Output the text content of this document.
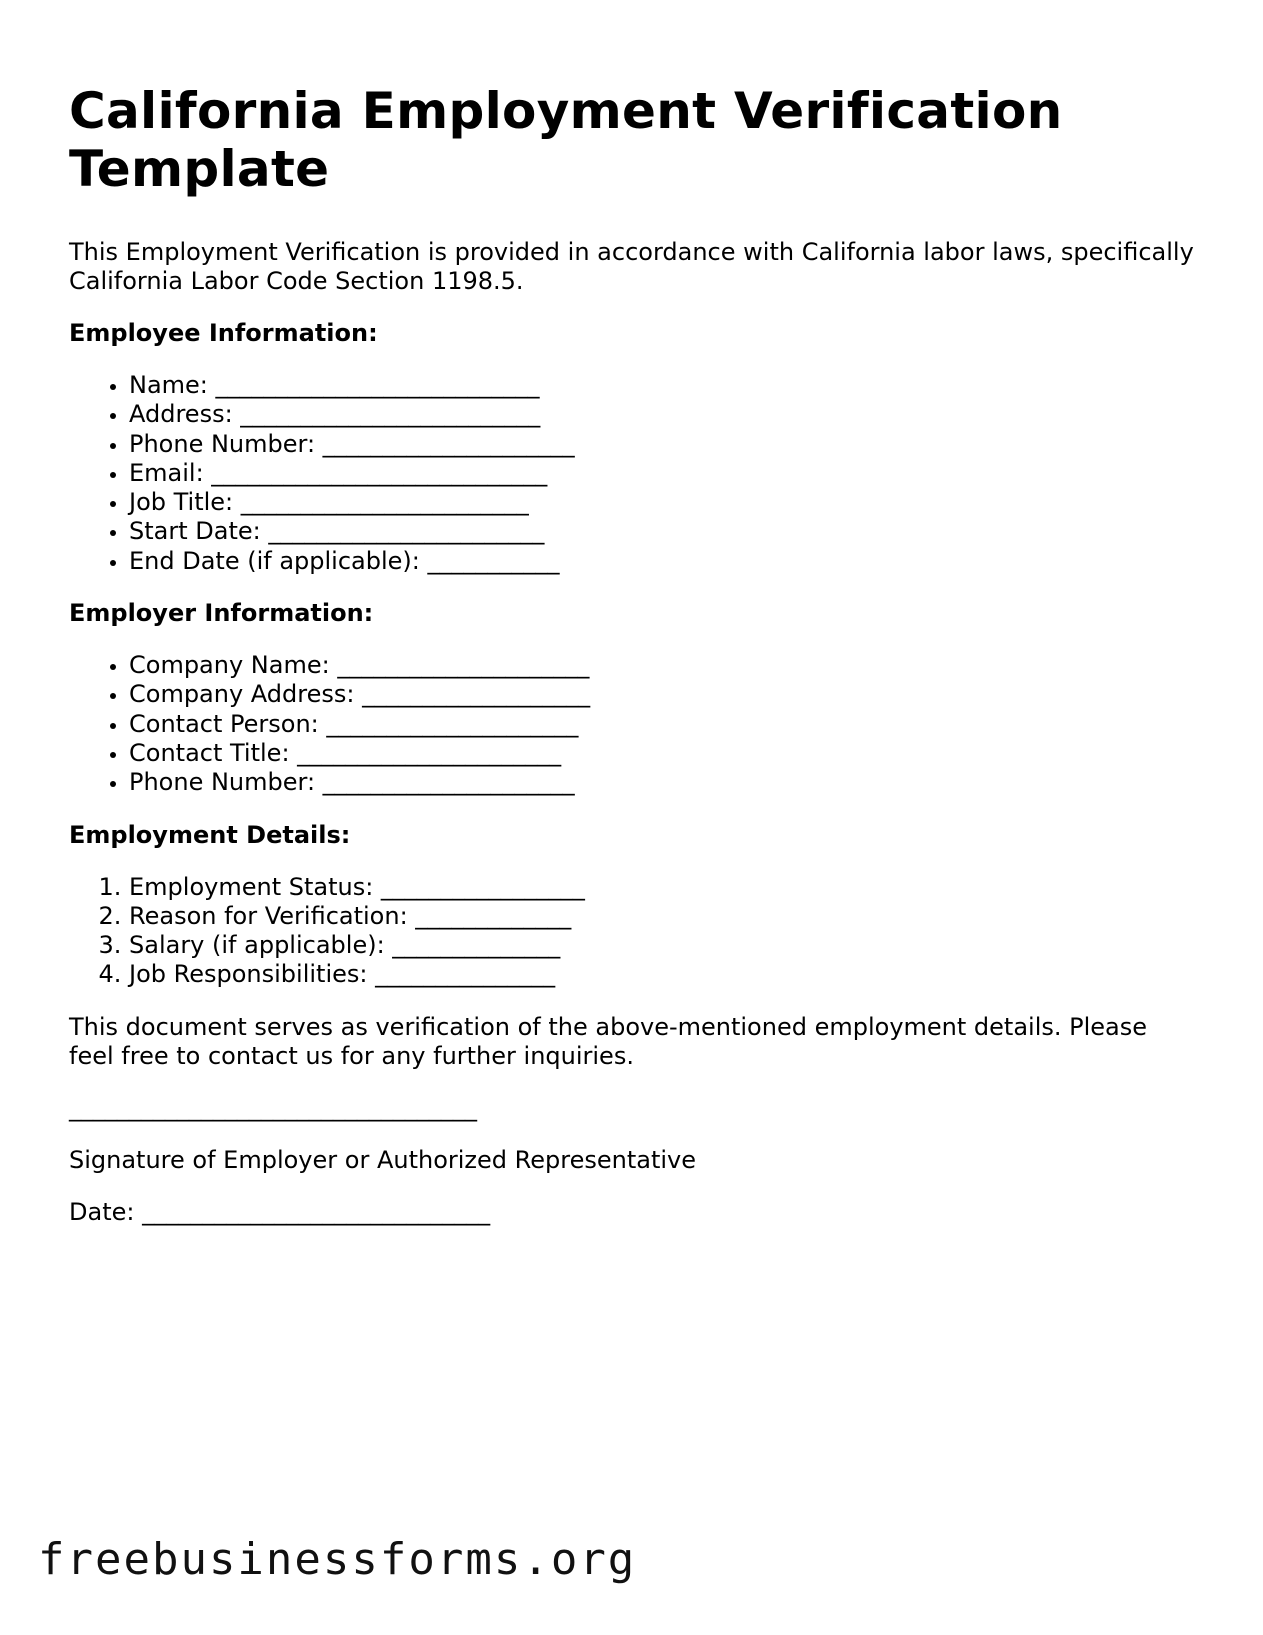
California Employment Verification Template

This Employment Verification is provided in accordance with California labor laws, specifically California Labor Code Section 1198.5.

Employee Information:
• Name: ___________________________
• Address: _________________________
• Phone Number: _____________________
• Email: ____________________________
• Job Title: ________________________
• Start Date: _______________________
• End Date (if applicable): ___________
Employer Information:
• Company Name: _____________________
• Company Address: ___________________
• Contact Person: _____________________
• Contact Title: ______________________
• Phone Number: _____________________
Employment Details:
1. Employment Status: _________________
2. Reason for Verification: _____________
3. Salary (if applicable): ______________
4. Job Responsibilities: _______________

This document serves as verification of the above-mentioned employment details. Please feel free to contact us for any further inquiries.

__________________________________

Signature of Employer or Authorized Representative

Date: _____________________________

freebusinessforms.org
